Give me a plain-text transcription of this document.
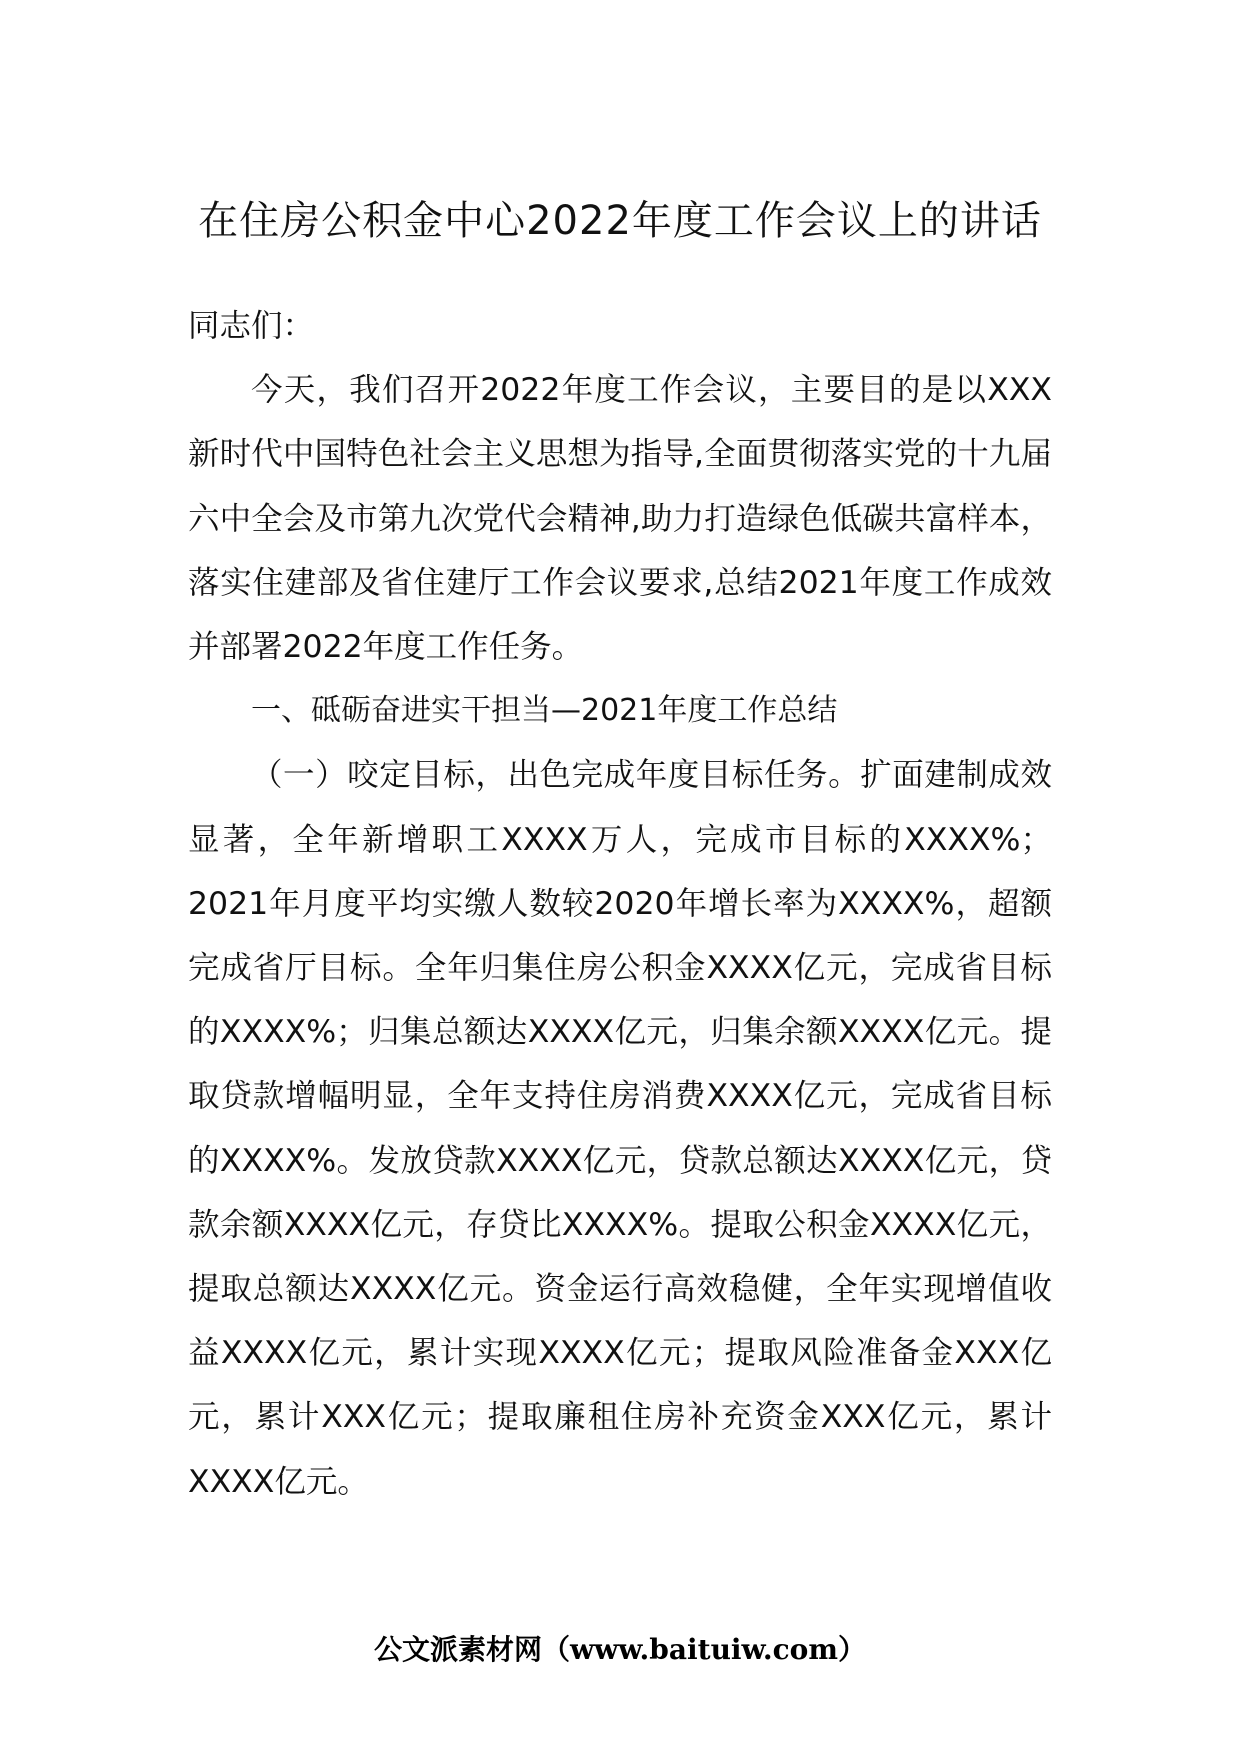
在住房公积金中心2022年度工作会议上的讲话

同志们：

今天，我们召开2022年度工作会议，主要目的是以XXX新时代中国特色社会主义思想为指导,全面贯彻落实党的十九届六中全会及市第九次党代会精神,助力打造绿色低碳共富样本，落实住建部及省住建厅工作会议要求,总结2021年度工作成效并部署2022年度工作任务。

一、砥砺奋进实干担当—2021年度工作总结

（一）咬定目标，出色完成年度目标任务。扩面建制成效显著，全年新增职工XXXX万人，完成市目标的XXXX%；2021年月度平均实缴人数较2020年增长率为XXXX%，超额完成省厅目标。全年归集住房公积金XXXX亿元，完成省目标的XXXX%；归集总额达XXXX亿元，归集余额XXXX亿元。提取贷款增幅明显，全年支持住房消费XXXX亿元，完成省目标的XXXX%。发放贷款XXXX亿元，贷款总额达XXXX亿元，贷款余额XXXX亿元，存贷比XXXX%。提取公积金XXXX亿元，提取总额达XXXX亿元。资金运行高效稳健，全年实现增值收益XXXX亿元，累计实现XXXX亿元；提取风险准备金XXX亿元，累计XXX亿元；提取廉租住房补充资金XXX亿元，累计XXXX亿元。

公文派素材网（www.baituiw.com）
